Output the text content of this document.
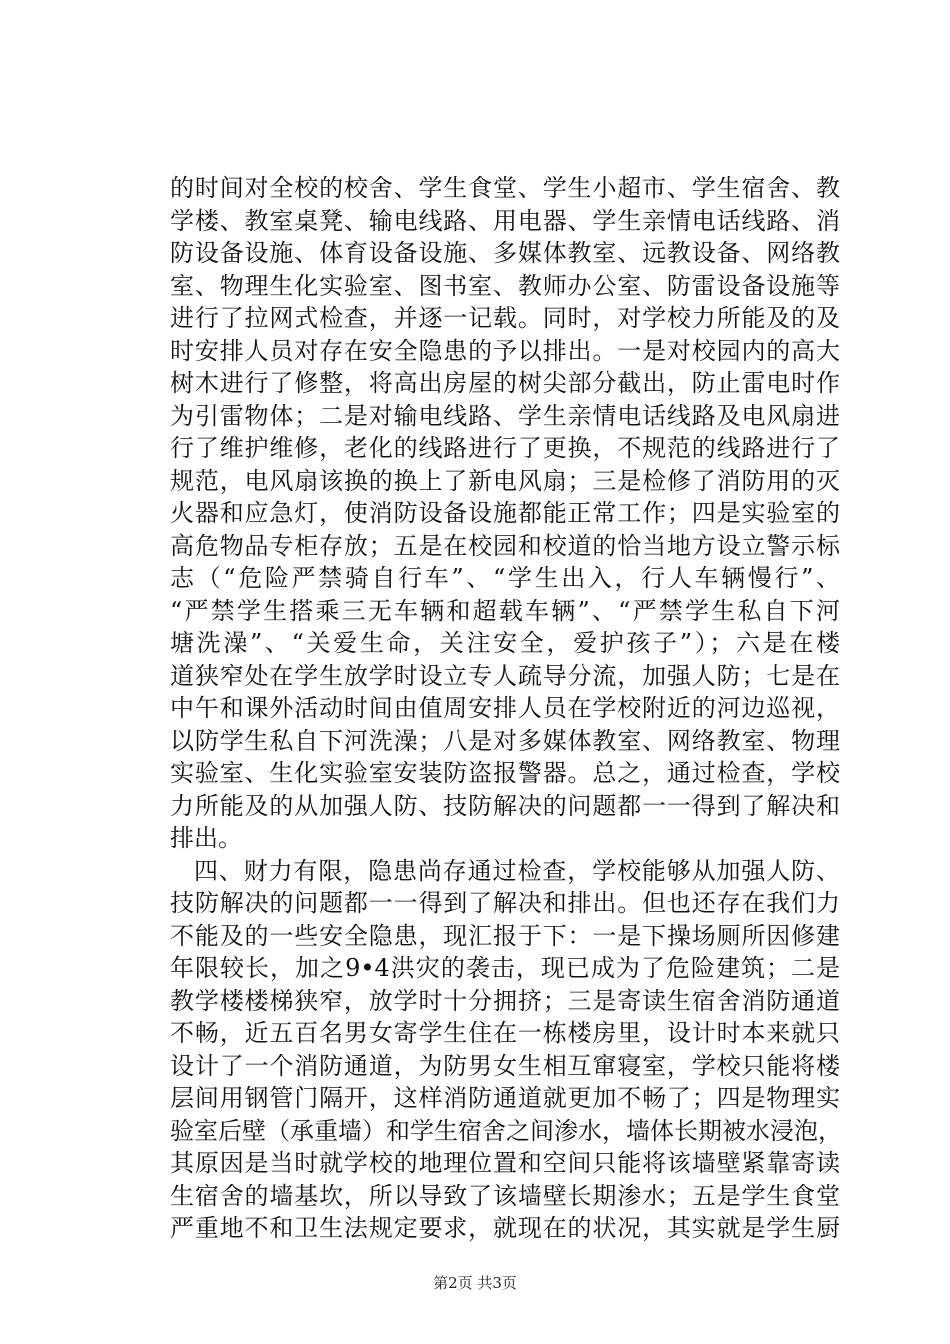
的时间对全校的校舍、学生食堂、学生小超市、学生宿舍、教
学楼、教室桌凳、输电线路、用电器、学生亲情电话线路、消
防设备设施、体育设备设施、多媒体教室、远教设备、网络教
室、物理生化实验室、图书室、教师办公室、防雷设备设施等
进行了拉网式检查，并逐一记载。同时，对学校力所能及的及
时安排人员对存在安全隐患的予以排出。一是对校园内的高大
树木进行了修整，将高出房屋的树尖部分截出，防止雷电时作
为引雷物体；二是对输电线路、学生亲情电话线路及电风扇进
行了维护维修，老化的线路进行了更换，不规范的线路进行了
规范，电风扇该换的换上了新电风扇；三是检修了消防用的灭
火器和应急灯，使消防设备设施都能正常工作；四是实验室的
高危物品专柜存放；五是在校园和校道的恰当地方设立警示标
志（“危险严禁骑自行车”、“学生出入，行人车辆慢行”、
“严禁学生搭乘三无车辆和超载车辆”、“严禁学生私自下河
塘洗澡”、“关爱生命，关注安全，爱护孩子”）；六是在楼
道狭窄处在学生放学时设立专人疏导分流，加强人防；七是在
中午和课外活动时间由值周安排人员在学校附近的河边巡视，
以防学生私自下河洗澡；八是对多媒体教室、网络教室、物理
实验室、生化实验室安装防盗报警器。总之，通过检查，学校
力所能及的从加强人防、技防解决的问题都一一得到了解决和
排出。
四、财力有限，隐患尚存通过检查，学校能够从加强人防、
技防解决的问题都一一得到了解决和排出。但也还存在我们力
不能及的一些安全隐患，现汇报于下：一是下操场厕所因修建
年限较长，加之9•4洪灾的袭击，现已成为了危险建筑；二是
教学楼楼梯狭窄，放学时十分拥挤；三是寄读生宿舍消防通道
不畅，近五百名男女寄学生住在一栋楼房里，设计时本来就只
设计了一个消防通道，为防男女生相互窜寝室，学校只能将楼
层间用钢管门隔开，这样消防通道就更加不畅了；四是物理实
验室后壁（承重墙）和学生宿舍之间渗水，墙体长期被水浸泡，
其原因是当时就学校的地理位置和空间只能将该墙壁紧靠寄读
生宿舍的墙基坎，所以导致了该墙壁长期渗水；五是学生食堂
严重地不和卫生法规定要求，就现在的状况，其实就是学生厨
第2页 共3页
